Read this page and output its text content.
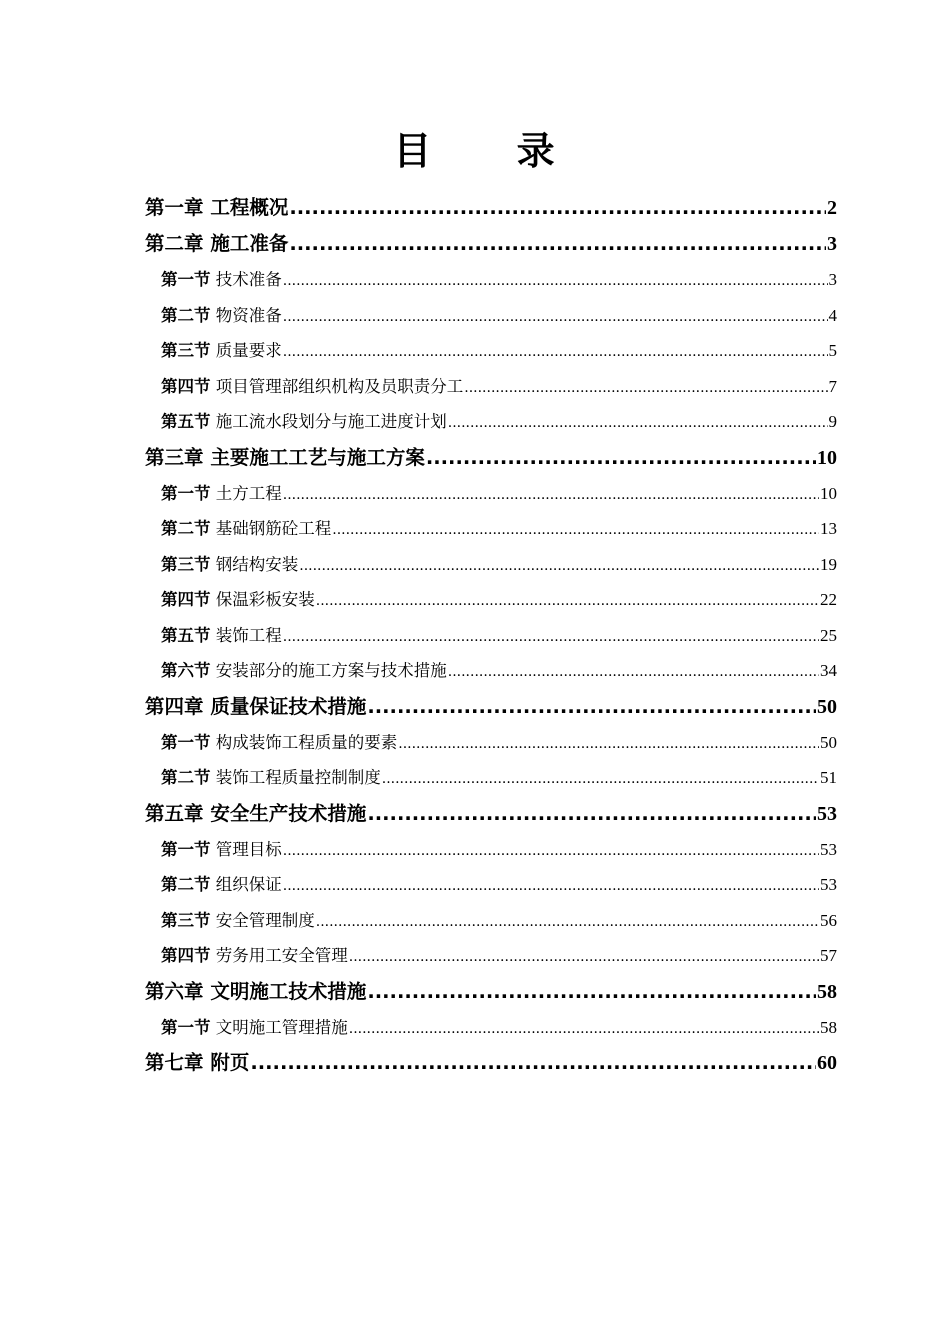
目 录
第一章 工程概况 .....	2
第二章 施工准备 .....	3
第一节 技术准备 .....	3
第二节 物资准备 .....	4
第三节 质量要求 .....	5
第四节 项目管理部组织机构及员职责分工 .....	7
第五节 施工流水段划分与施工进度计划 .....	9
第三章 主要施工工艺与施工方案 .....	10
第一节 土方工程 .....	10
第二节 基础钢筋砼工程 .....	13
第三节 钢结构安装 .....	19
第四节 保温彩板安装 .....	22
第五节 装饰工程 .....	25
第六节 安装部分的施工方案与技术措施 .....	34
第四章 质量保证技术措施 .....	50
第一节 构成装饰工程质量的要素 .....	50
第二节 装饰工程质量控制制度 .....	51
第五章 安全生产技术措施 .....	53
第一节 管理目标 .....	53
第二节 组织保证 .....	53
第三节 安全管理制度 .....	56
第四节 劳务用工安全管理 .....	57
第六章 文明施工技术措施 .....	58
第一节 文明施工管理措施 .....	58
第七章 附页 .....	60
